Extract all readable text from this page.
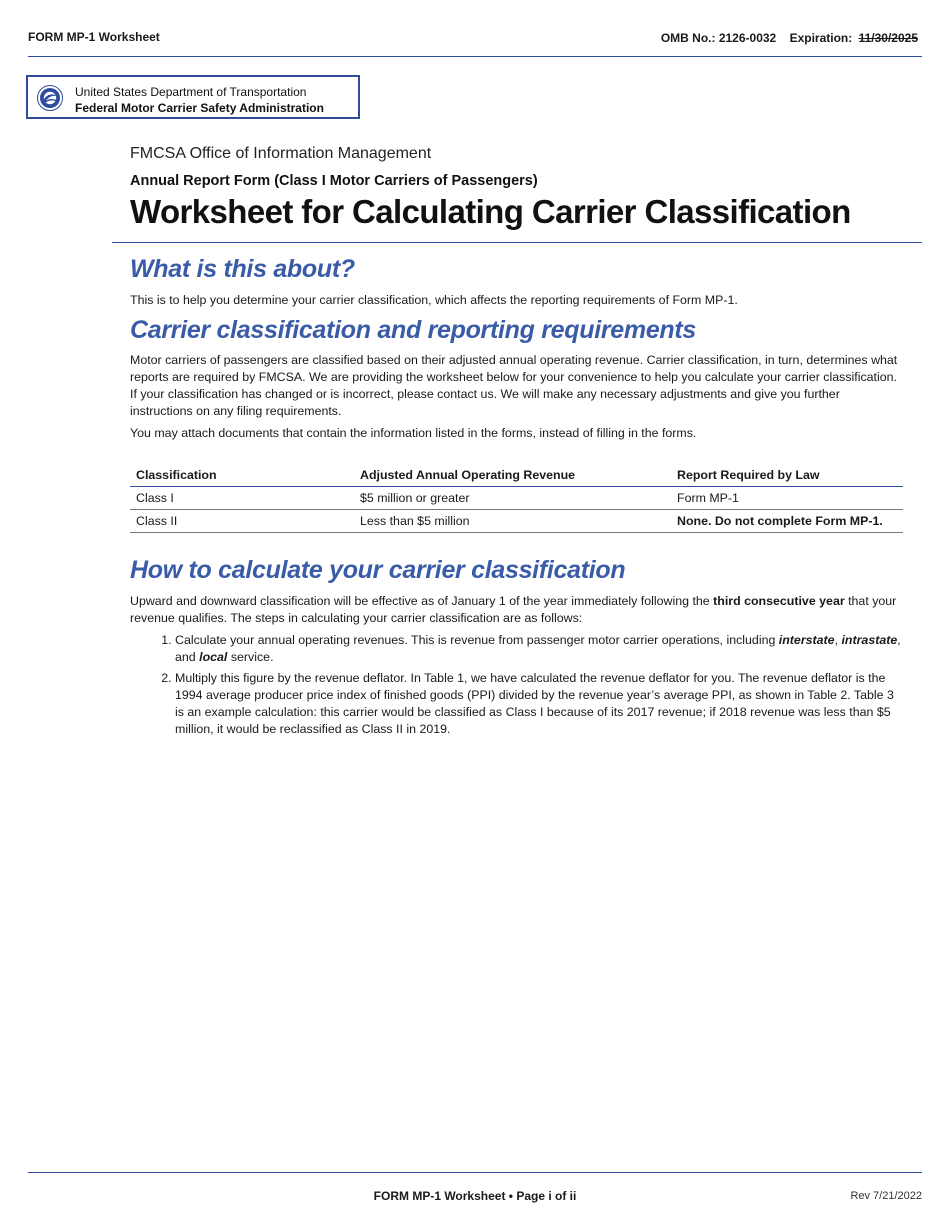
FORM MP-1 Worksheet	OMB No.: 2126-0032 Expiration: 11/30/2025
United States Department of Transportation
Federal Motor Carrier Safety Administration
FMCSA Office of Information Management
Annual Report Form (Class I Motor Carriers of Passengers)
Worksheet for Calculating Carrier Classification
What is this about?

This is to help you determine your carrier classification, which affects the reporting requirements of Form MP-1.

Carrier classification and reporting requirements

Motor carriers of passengers are classified based on their adjusted annual operating revenue. Carrier classification, in turn, determines what reports are required by FMCSA. We are providing the worksheet below for your convenience to help you calculate your carrier classification. If your classification has changed or is incorrect, please contact us. We will make any necessary adjustments and give you further instructions on any filing requirements.

You may attach documents that contain the information listed in the forms, instead of filling in the forms.

Classification	Adjusted Annual Operating Revenue	Report Required by Law
Class I	$5 million or greater	Form MP-1
Class II	Less than $5 million	None. Do not complete Form MP-1.
How to calculate your carrier classification

Upward and downward classification will be effective as of January 1 of the year immediately following the third consecutive year that your revenue qualifies. The steps in calculating your carrier classification are as follows:

1. Calculate your annual operating revenues. This is revenue from passenger motor carrier operations, including interstate, intrastate, and local service.
2. Multiply this figure by the revenue deflator. In Table 1, we have calculated the revenue deflator for you. The revenue deflator is the 1994 average producer price index of finished goods (PPI) divided by the revenue year’s average PPI, as shown in Table 2. Table 3 is an example calculation: this carrier would be classified as Class I because of its 2017 revenue; if 2018 revenue was less than $5 million, it would be reclassified as Class II in 2019.
FORM MP-1 Worksheet • Page i of ii	Rev 7/21/2022
